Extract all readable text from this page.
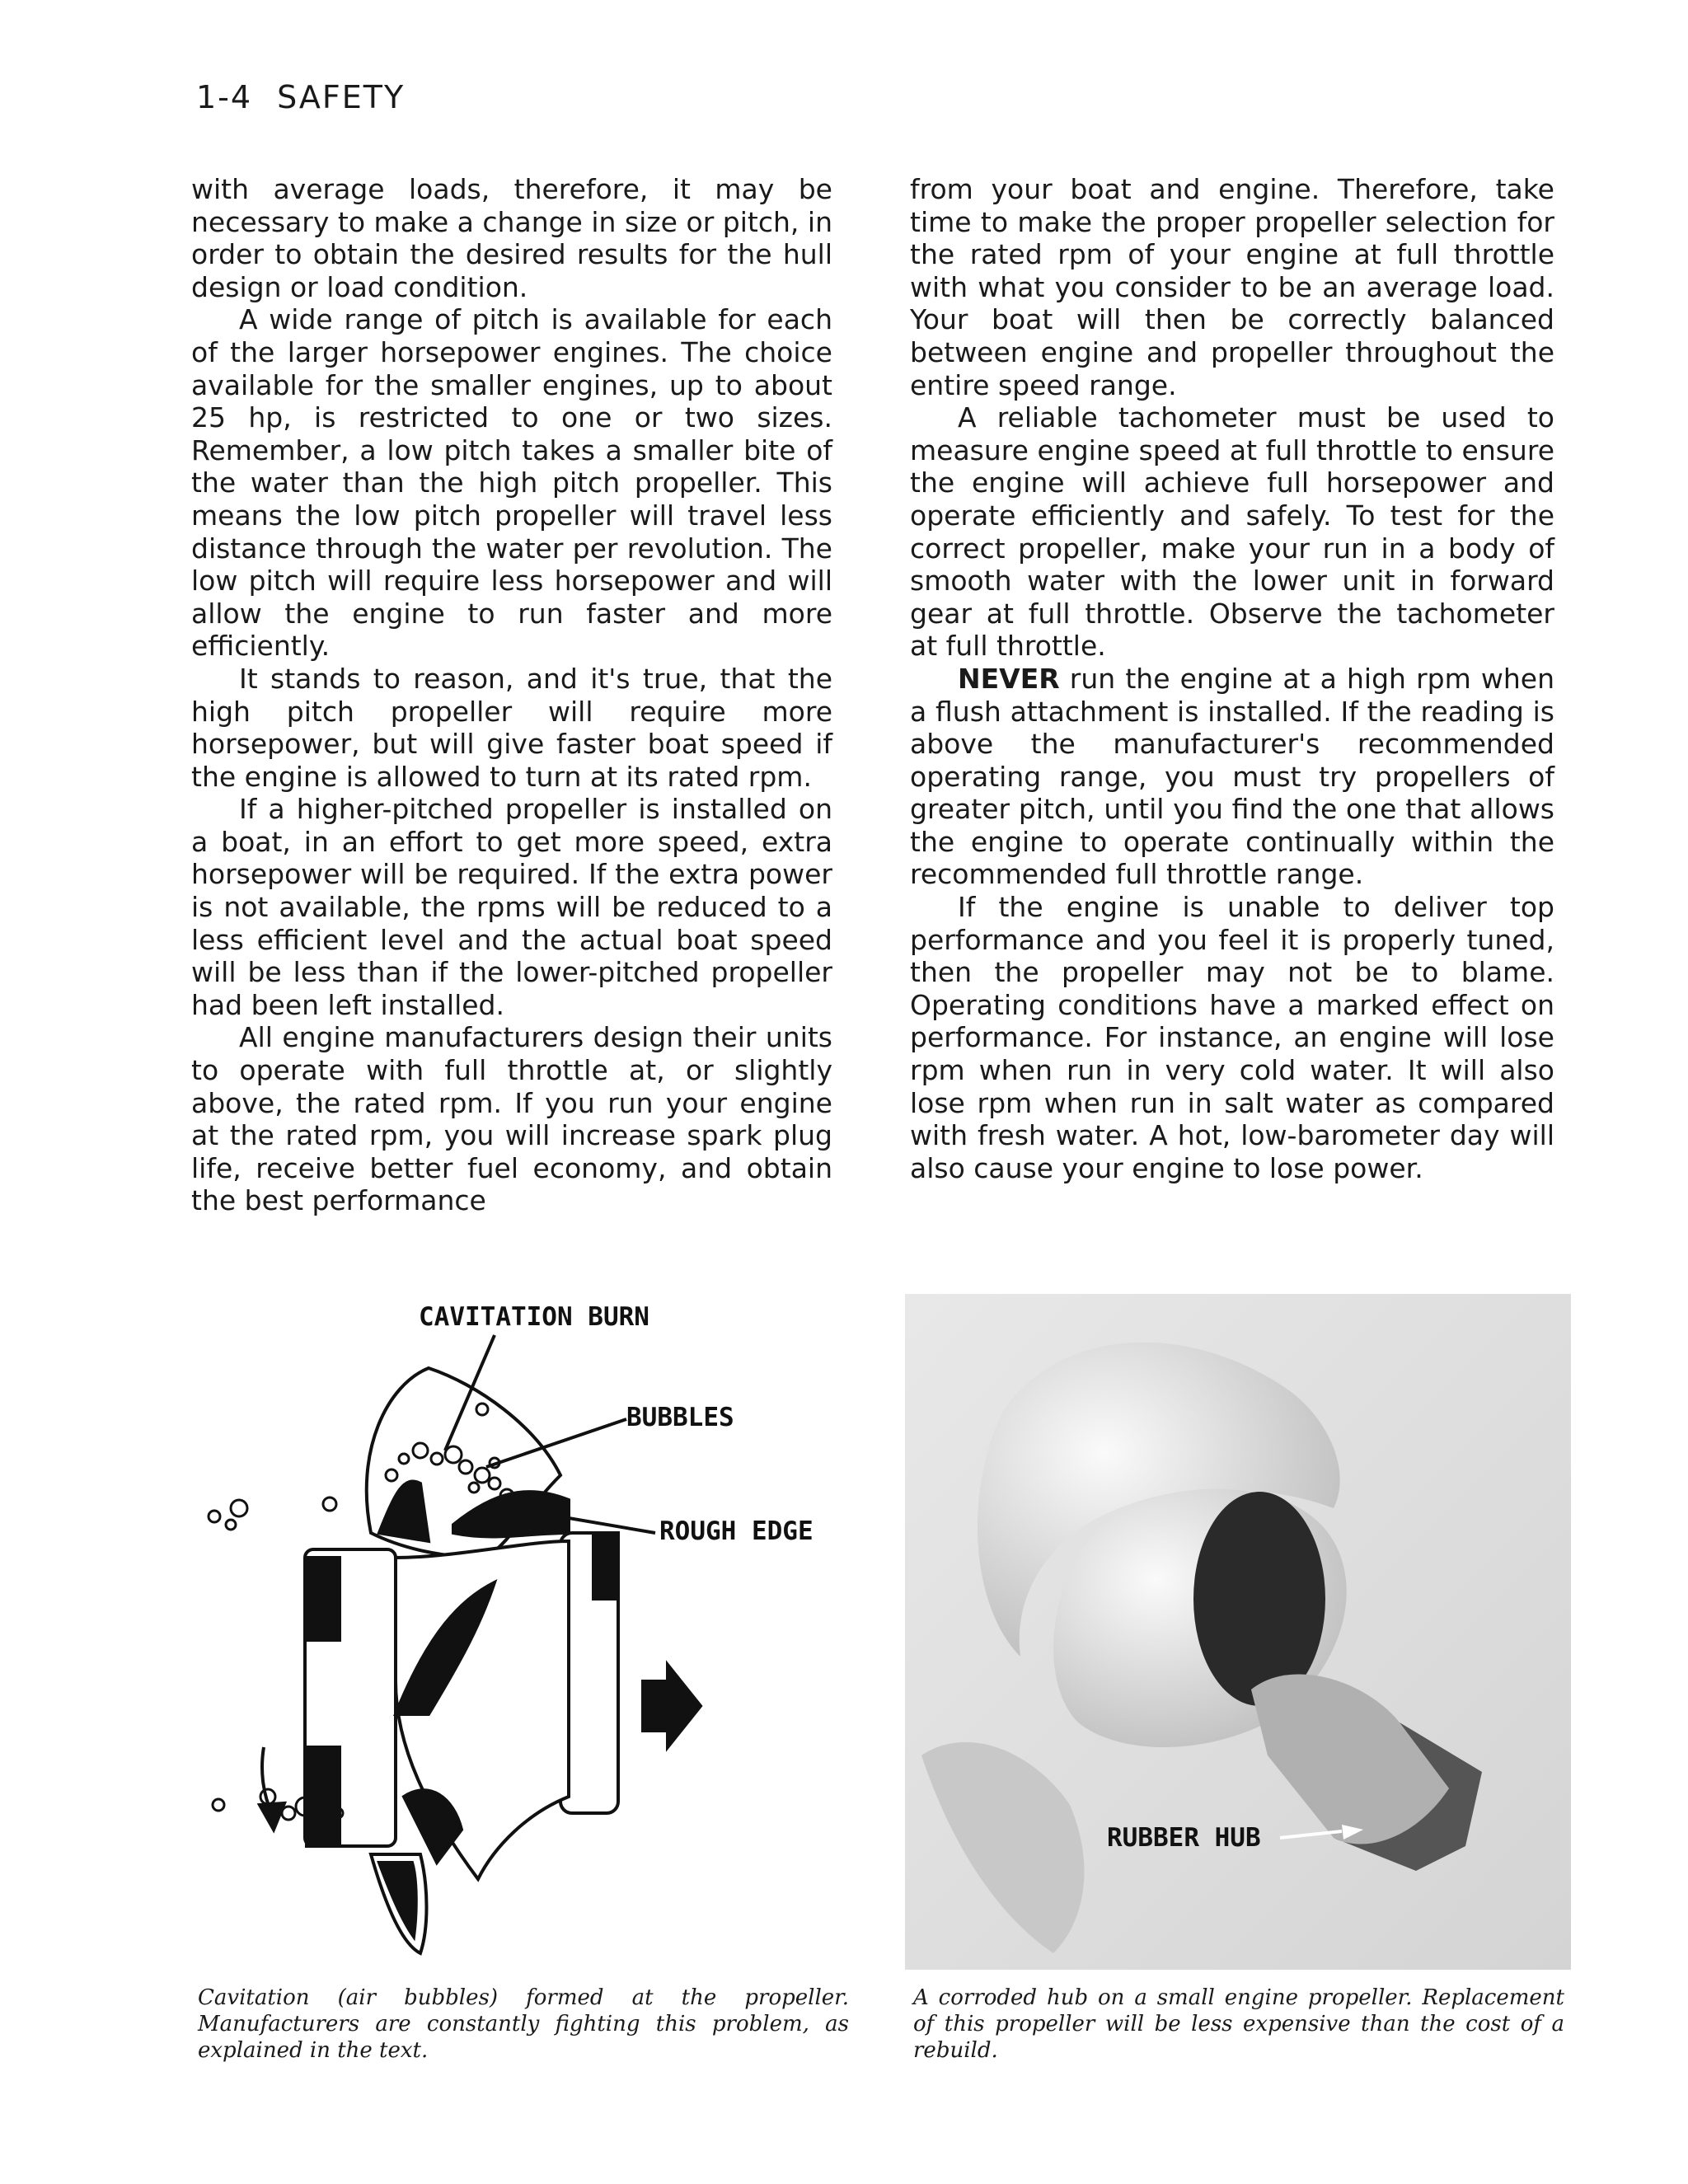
1-4 SAFETY

with average loads, therefore, it may be necessary to make a change in size or pitch, in order to obtain the desired results for the hull design or load condition.

A wide range of pitch is available for each of the larger horsepower engines. The choice available for the smaller engines, up to about 25 hp, is restricted to one or two sizes. Remember, a low pitch takes a smaller bite of the water than the high pitch propeller. This means the low pitch propeller will travel less distance through the water per revolution. The low pitch will require less horsepower and will allow the engine to run faster and more efficiently.

It stands to reason, and it's true, that the high pitch propeller will require more horsepower, but will give faster boat speed if the engine is allowed to turn at its rated rpm.

If a higher-pitched propeller is installed on a boat, in an effort to get more speed, extra horsepower will be required. If the extra power is not available, the rpms will be reduced to a less efficient level and the actual boat speed will be less than if the lower-pitched propeller had been left installed.

All engine manufacturers design their units to operate with full throttle at, or slightly above, the rated rpm. If you run your engine at the rated rpm, you will increase spark plug life, receive better fuel economy, and obtain the best performance

from your boat and engine. Therefore, take time to make the proper propeller selection for the rated rpm of your engine at full throttle with what you consider to be an average load. Your boat will then be correctly balanced between engine and propeller throughout the entire speed range.

A reliable tachometer must be used to measure engine speed at full throttle to ensure the engine will achieve full horsepower and operate efficiently and safely. To test for the correct propeller, make your run in a body of smooth water with the lower unit in forward gear at full throttle. Observe the tachometer at full throttle.

NEVER run the engine at a high rpm when a flush attachment is installed. If the reading is above the manufacturer's recommended operating range, you must try propellers of greater pitch, until you find the one that allows the engine to operate continually within the recommended full throttle range.

If the engine is unable to deliver top performance and you feel it is properly tuned, then the propeller may not be to blame. Operating conditions have a marked effect on performance. For instance, an engine will lose rpm when run in very cold water. It will also lose rpm when run in salt water as compared with fresh water. A hot, low-barometer day will also cause your engine to lose power.

CAVITATION BURN
BUBBLES
ROUGH EDGE
RUBBER HUB
Cavitation (air bubbles) formed at the propeller. Manufacturers are constantly fighting this problem, as explained in the text.
A corroded hub on a small engine propeller. Replacement of this propeller will be less expensive than the cost of a rebuild.
